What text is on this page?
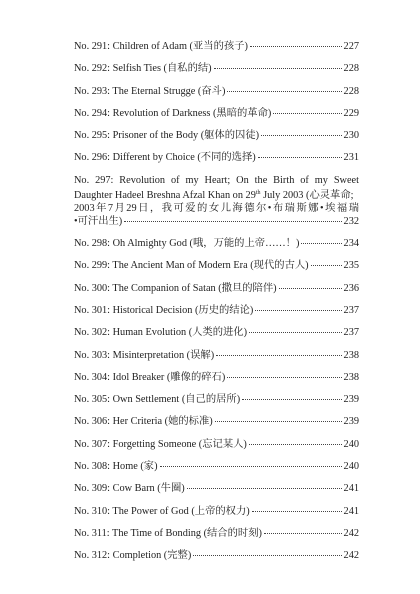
No. 291: Children of Adam (亚当的孩子)	227
No. 292: Selfish Ties (自私的结)	228
No. 293: The Eternal Strugge (奋斗)	228
No. 294: Revolution of Darkness (黑暗的革命)	229
No. 295: Prisoner of the Body (躯体的囚徒)	230
No. 296: Different by Choice (不同的选择)	231
No. 297: Revolution of my Heart; On the Birth of my Sweet Daughter Hadeel Breshna Afzal Khan on 29th July 2003 (心灵革命;
2003年7月29日，我可爱的女儿海德尔•布瑞斯娜•埃福瑞
•可汗出生)	232
No. 298: Oh Almighty God (哦，万能的上帝……！)	234
No. 299: The Ancient Man of Modern Era (现代的古人)	235
No. 300: The Companion of Satan (撒旦的陪伴)	236
No. 301: Historical Decision (历史的结论)	237
No. 302: Human Evolution (人类的进化)	237
No. 303: Misinterpretation (误解)	238
No. 304: Idol Breaker (雕像的碎石)	238
No. 305: Own Settlement (自己的居所)	239
No. 306: Her Criteria (她的标准)	239
No. 307: Forgetting Someone (忘记某人)	240
No. 308: Home (家)	240
No. 309: Cow Barn (牛圈)	241
No. 310: The Power of God (上帝的权力)	241
No. 311: The Time of Bonding (结合的时刻)	242
No. 312: Completion (完整)	242
